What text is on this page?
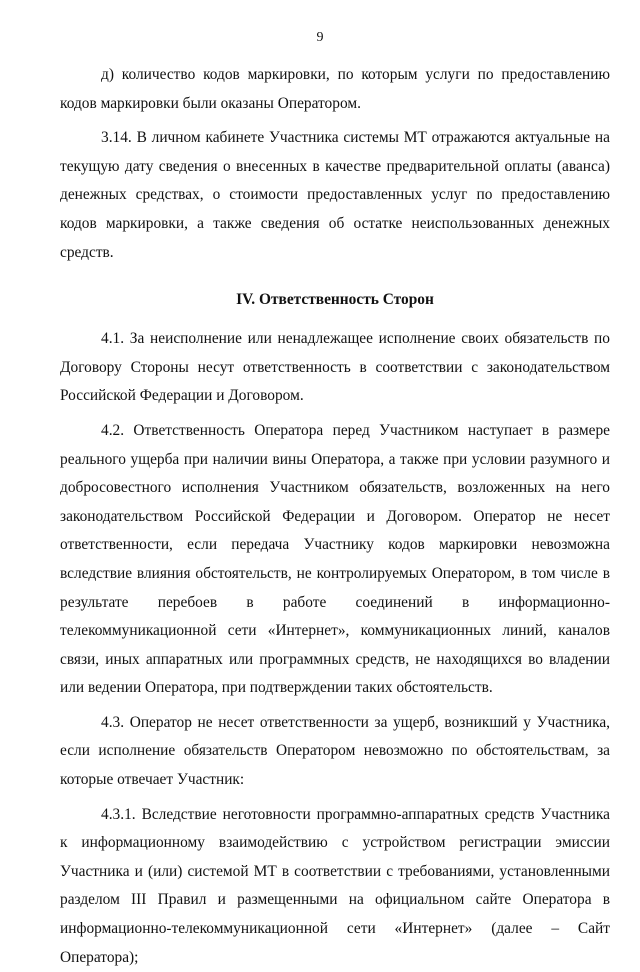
9

д) количество кодов маркировки, по которым услуги по предоставлению кодов маркировки были оказаны Оператором.

3.14. В личном кабинете Участника системы МТ отражаются актуальные на текущую дату сведения о внесенных в качестве предварительной оплаты (аванса) денежных средствах, о стоимости предоставленных услуг по предоставлению кодов маркировки, а также сведения об остатке неиспользованных денежных средств.

IV. Ответственность Сторон

4.1. За неисполнение или ненадлежащее исполнение своих обязательств по Договору Стороны несут ответственность в соответствии с законодательством Российской Федерации и Договором.

4.2. Ответственность Оператора перед Участником наступает в размере реального ущерба при наличии вины Оператора, а также при условии разумного и добросовестного исполнения Участником обязательств, возложенных на него законодательством Российской Федерации и Договором. Оператор не несет ответственности, если передача Участнику кодов маркировки невозможна вследствие влияния обстоятельств, не контролируемых Оператором, в том числе в результате перебоев в работе соединений в информационно-телекоммуникационной сети «Интернет», коммуникационных линий, каналов связи, иных аппаратных или программных средств, не находящихся во владении или ведении Оператора, при подтверждении таких обстоятельств.

4.3. Оператор не несет ответственности за ущерб, возникший у Участника, если исполнение обязательств Оператором невозможно по обстоятельствам, за которые отвечает Участник:

4.3.1. Вследствие неготовности программно-аппаратных средств Участника к информационному взаимодействию с устройством регистрации эмиссии Участника и (или) системой МТ в соответствии с требованиями, установленными разделом III Правил и размещенными на официальном сайте Оператора в информационно-телекоммуникационной сети «Интернет» (далее – Сайт Оператора);
